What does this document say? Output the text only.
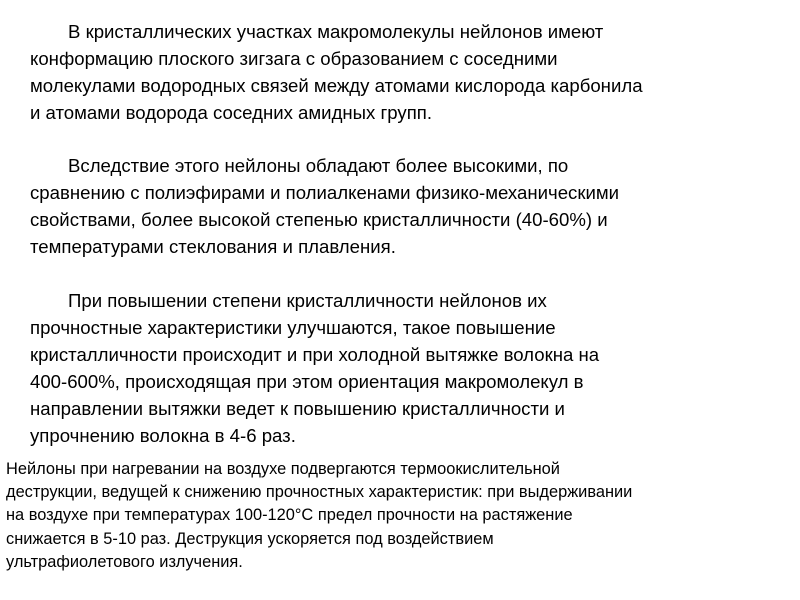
В кристаллических участках макромолекулы нейлонов имеют
конформацию плоского зигзага с образованием с соседними
молекулами водородных связей между атомами кислорода карбонила
и атомами водорода соседних амидных групп.

Вследствие этого нейлоны обладают более высокими, по
сравнению с полиэфирами и полиалкенами физико-механическими
свойствами, более высокой степенью кристалличности (40-60%) и
температурами стеклования и плавления.

При повышении степени кристалличности нейлонов их
прочностные характеристики улучшаются, такое повышение
кристалличности происходит и при холодной вытяжке волокна на
400-600%, происходящая при этом ориентация макромолекул в
направлении вытяжки ведет к повышению кристалличности и
упрочнению волокна в 4-6 раз.

Нейлоны при нагревании на воздухе подвергаются термоокислительной
деструкции, ведущей к снижению прочностных характеристик: при выдерживании
на воздухе при температурах 100-120°С предел прочности на растяжение
снижается в 5-10 раз. Деструкция ускоряется под воздействием
ультрафиолетового излучения.
